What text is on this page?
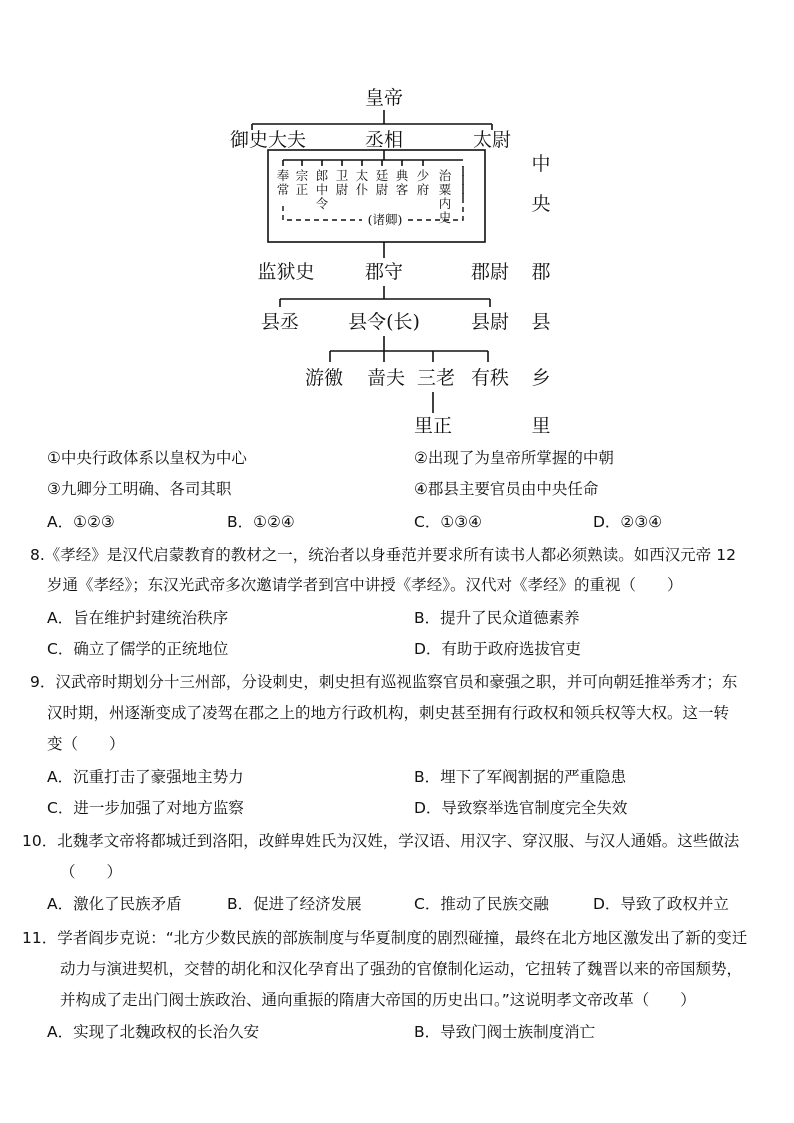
皇帝
御史大夫	丞相	太尉
奉
常
宗
正
郎
中
令
卫
尉
太
仆
廷
尉
典
客
少
府
治
粟
内
史
(诸卿)
监狱史	郡守	郡尉
县丞	县令(长)	县尉
游徼 啬夫 三老 有秩
里正
中
央
郡
县
乡
里
①中央行政体系以皇权为中心	②出现了为皇帝所掌握的中朝
③九卿分工明确、各司其职	④郡县主要官员由中央任命
A．①②③	B．①②④	C．①③④	D．②③④
8.《孝经》是汉代启蒙教育的教材之一，统治者以身垂范并要求所有读书人都必须熟读。如西汉元帝 12
岁通《孝经》；东汉光武帝多次邀请学者到宫中讲授《孝经》。汉代对《孝经》的重视（　　）
A．旨在维护封建统治秩序	B．提升了民众道德素养
C．确立了儒学的正统地位	D．有助于政府选拔官吏
9．汉武帝时期划分十三州部，分设刺史，刺史担有巡视监察官员和豪强之职，并可向朝廷推举秀才；东
汉时期，州逐渐变成了凌驾在郡之上的地方行政机构，刺史甚至拥有行政权和领兵权等大权。这一转
变（　　）
A．沉重打击了豪强地主势力	B．埋下了军阀割据的严重隐患
C．进一步加强了对地方监察	D．导致察举选官制度完全失效
10．北魏孝文帝将都城迁到洛阳，改鲜卑姓氏为汉姓，学汉语、用汉字、穿汉服、与汉人通婚。这些做法
（　　）
A．激化了民族矛盾	B．促进了经济发展	C．推动了民族交融	D．导致了政权并立
11．学者阎步克说：“北方少数民族的部族制度与华夏制度的剧烈碰撞，最终在北方地区激发出了新的变迁
动力与演进契机，交替的胡化和汉化孕育出了强劲的官僚制化运动，它扭转了魏晋以来的帝国颓势，
并构成了走出门阀士族政治、通向重振的隋唐大帝国的历史出口。”这说明孝文帝改革（　　）
A．实现了北魏政权的长治久安	B．导致门阀士族制度消亡
